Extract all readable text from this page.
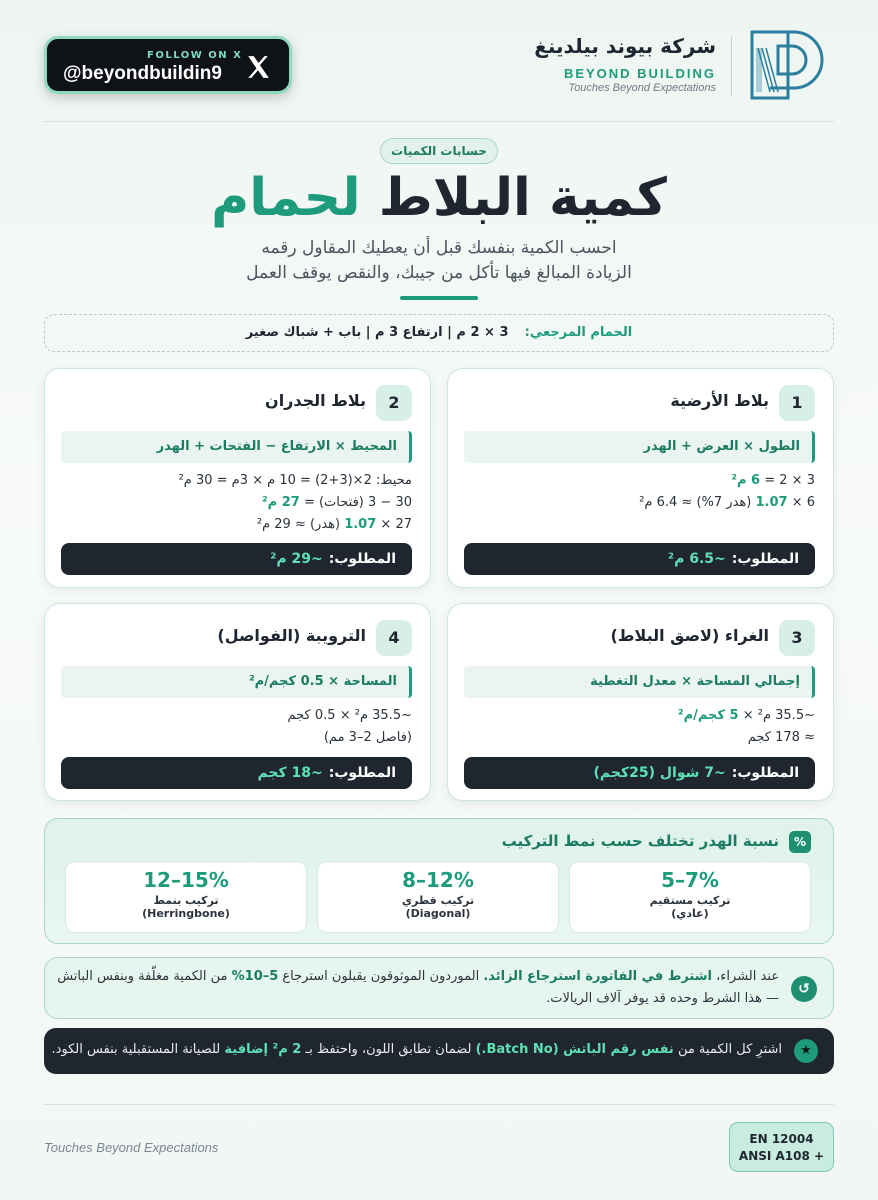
FOLLOW ON X
@beyondbuildin9
شركة بيوند بيلدينغ
BEYOND BUILDING
Touches Beyond Expectations
حسابات الكميات
كمية البلاط لحمام
احسب الكمية بنفسك قبل أن يعطيك المقاول رقمه
الزيادة المبالغ فيها تأكل من جيبك، والنقص يوقف العمل
الحمام المرجعي: 3 × 2 م | ارتفاع 3 م | باب + شباك صغير
1
بلاط الأرضية
الطول × العرض + الهدر
3 × 2 = 6 م²
6 × 1.07 (هدر 7%) ≈ 6.4 م²
المطلوب:~6.5 م²
2
بلاط الجدران
المحيط × الارتفاع − الفتحات + الهدر
محيط: 2×(3+2) = 10 م × 3م = 30 م²
30 − 3 (فتحات) = 27 م²
27 × 1.07 (هدر) ≈ 29 م²
المطلوب:~29 م²
3
الغراء (لاصق البلاط)
إجمالي المساحة × معدل التغطية
~35.5 م² × 5 كجم/م²
≈ 178 كجم
المطلوب:~7 شوال (25كجم)
4
الترويبة (الفواصل)
المساحة × 0.5 كجم/م²
~35.5 م² × 0.5 كجم
(فاصل 2–3 مم)
المطلوب:~18 كجم
%
نسبة الهدر تختلف حسب نمط التركيب
5–7%
تركيب مستقيم
(عادي)
8–12%
تركيب قطري
(Diagonal)
12–15%
تركيب بنمط
(Herringbone)
↺
عند الشراء، اشترط في الفاتورة استرجاع الزائد. الموردون الموثوقون يقبلون استرجاع 5–10% من الكمية مغلّفة وبنفس الباتش
— هذا الشرط وحده قد يوفر آلاف الريالات.
★
اشترِ كل الكمية من نفس رقم الباتش (Batch No.) لضمان تطابق اللون، واحتفظ بـ 2 م² إضافية للصيانة المستقبلية بنفس الكود.
Touches Beyond Expectations
EN 12004
ANSI A108 +
